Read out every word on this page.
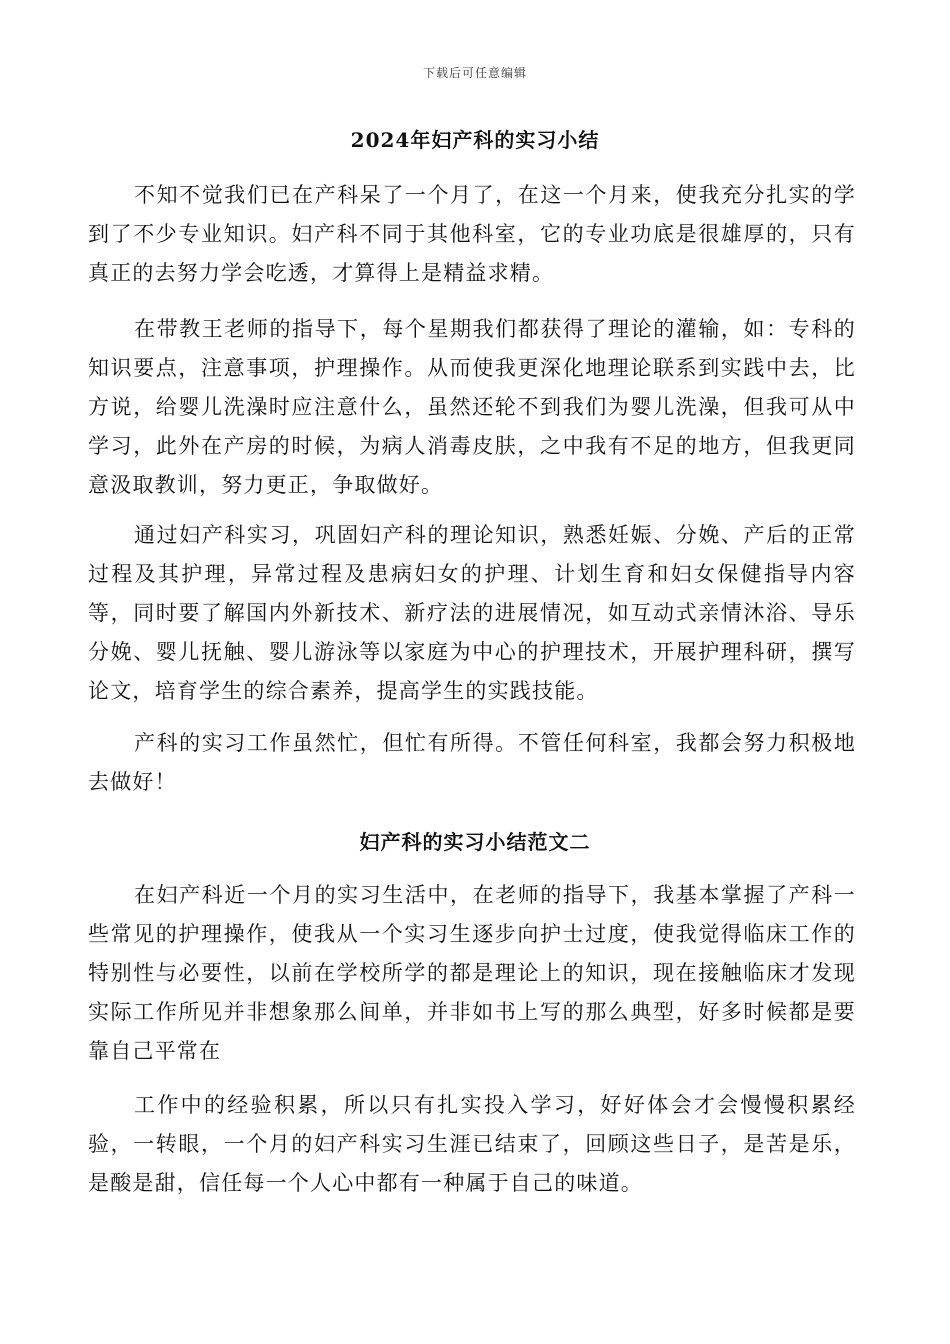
下载后可任意编辑
2024年妇产科的实习小结

不知不觉我们已在产科呆了一个月了，在这一个月来，使我充分扎实的学到了不少专业知识。妇产科不同于其他科室，它的专业功底是很雄厚的，只有真正的去努力学会吃透，才算得上是精益求精。

在带教王老师的指导下，每个星期我们都获得了理论的灌输，如：专科的知识要点，注意事项，护理操作。从而使我更深化地理论联系到实践中去，比方说，给婴儿洗澡时应注意什么，虽然还轮不到我们为婴儿洗澡，但我可从中学习，此外在产房的时候，为病人消毒皮肤，之中我有不足的地方，但我更同意汲取教训，努力更正，争取做好。

通过妇产科实习，巩固妇产科的理论知识，熟悉妊娠、分娩、产后的正常过程及其护理，异常过程及患病妇女的护理、计划生育和妇女保健指导内容等，同时要了解国内外新技术、新疗法的进展情况，如互动式亲情沐浴、导乐分娩、婴儿抚触、婴儿游泳等以家庭为中心的护理技术，开展护理科研，撰写论文，培育学生的综合素养，提高学生的实践技能。

产科的实习工作虽然忙，但忙有所得。不管任何科室，我都会努力积极地去做好！

妇产科的实习小结范文二

在妇产科近一个月的实习生活中，在老师的指导下，我基本掌握了产科一些常见的护理操作，使我从一个实习生逐步向护士过度，使我觉得临床工作的特别性与必要性，以前在学校所学的都是理论上的知识，现在接触临床才发现实际工作所见并非想象那么间单，并非如书上写的那么典型，好多时候都是要靠自己平常在

工作中的经验积累，所以只有扎实投入学习，好好体会才会慢慢积累经验，一转眼，一个月的妇产科实习生涯已结束了，回顾这些日子，是苦是乐，是酸是甜，信任每一个人心中都有一种属于自己的味道。
